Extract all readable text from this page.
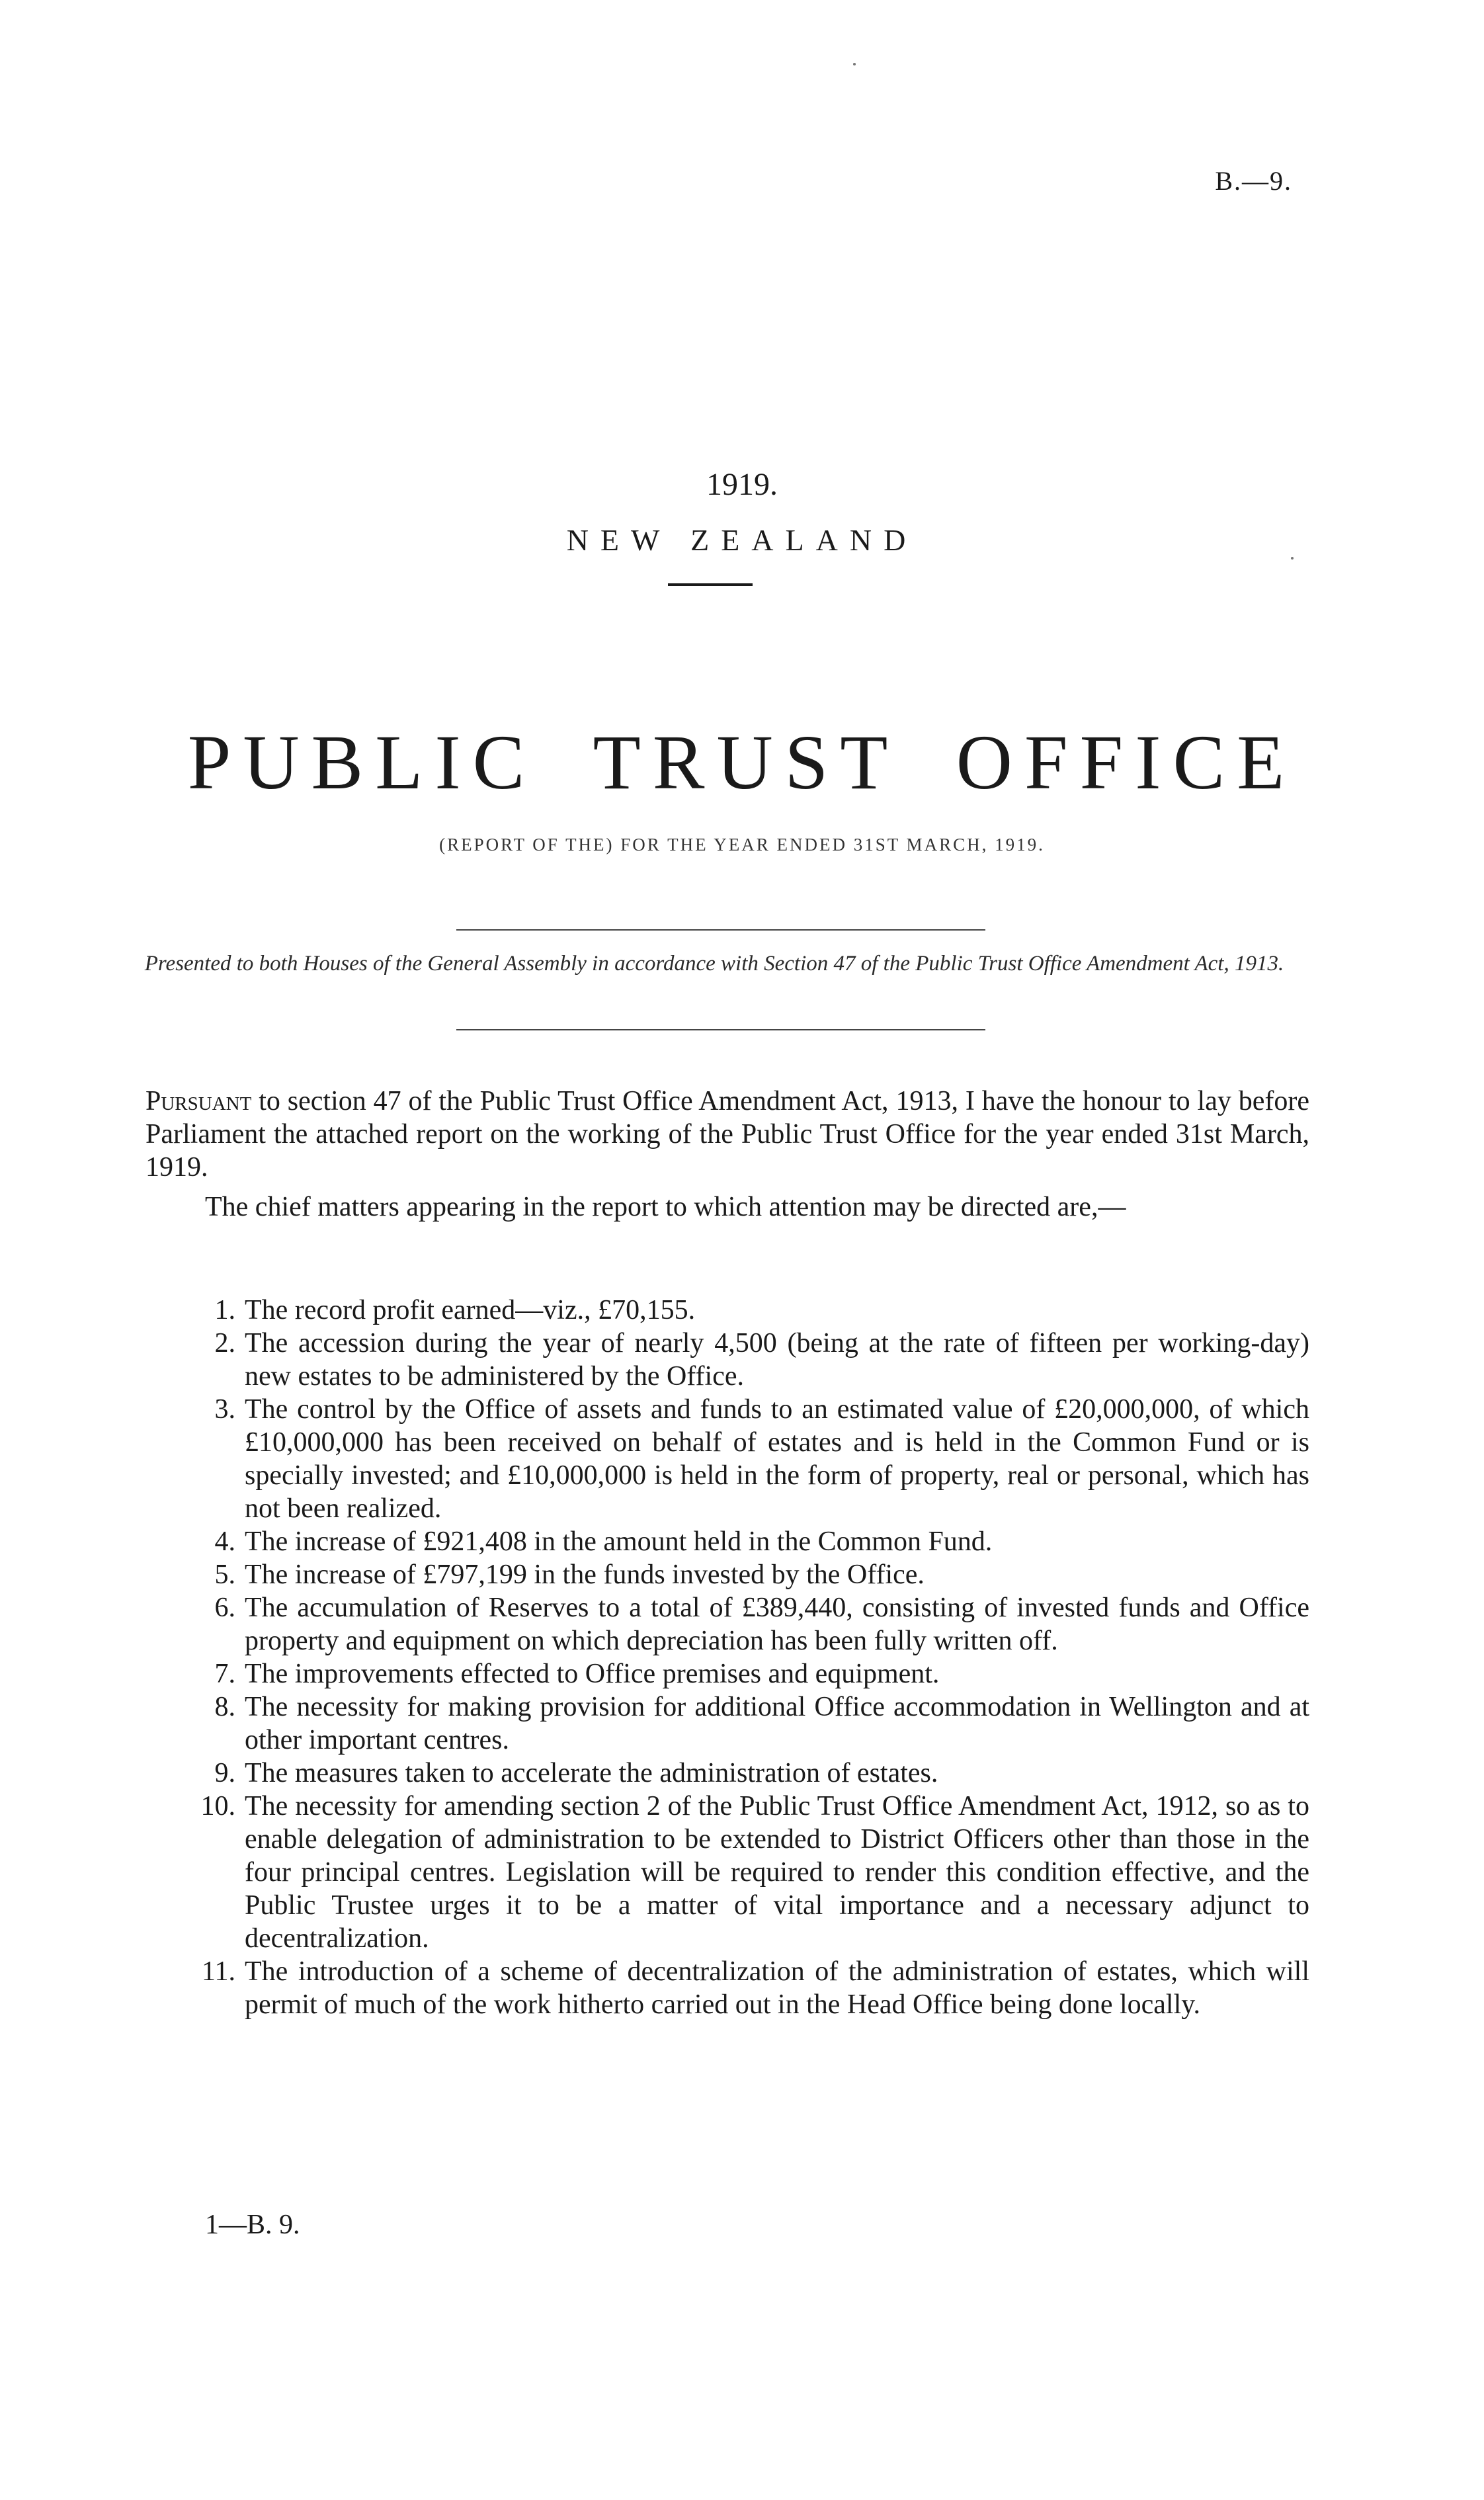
B.—9.
1919.
NEW ZEALAND
PUBLIC TRUST OFFICE
(REPORT OF THE) FOR THE YEAR ENDED 31ST MARCH, 1919.
Presented to both Houses of the General Assembly in accordance with Section 47 of the Public Trust Office Amendment Act, 1913.
Pursuant to section 47 of the Public Trust Office Amendment Act, 1913, I have the honour to lay before Parliament the attached report on the working of the Public Trust Office for the year ended 31st March, 1919.
The chief matters appearing in the report to which attention may be directed are,—
1. The record profit earned—viz., £70,155.
2. The accession during the year of nearly 4,500 (being at the rate of fifteen per working-day) new estates to be administered by the Office.
3. The control by the Office of assets and funds to an estimated value of £20,000,000, of which £10,000,000 has been received on behalf of estates and is held in the Common Fund or is specially invested; and £10,000,000 is held in the form of property, real or personal, which has not been realized.
4. The increase of £921,408 in the amount held in the Common Fund.
5. The increase of £797,199 in the funds invested by the Office.
6. The accumulation of Reserves to a total of £389,440, consisting of invested funds and Office property and equipment on which depreciation has been fully written off.
7. The improvements effected to Office premises and equipment.
8. The necessity for making provision for additional Office accommodation in Wellington and at other important centres.
9. The measures taken to accelerate the administration of estates.
10. The necessity for amending section 2 of the Public Trust Office Amendment Act, 1912, so as to enable delegation of administration to be extended to District Officers other than those in the four principal centres. Legislation will be required to render this condition effective, and the Public Trustee urges it to be a matter of vital importance and a necessary adjunct to decentralization.
11. The introduction of a scheme of decentralization of the administration of estates, which will permit of much of the work hitherto carried out in the Head Office being done locally.
1—B. 9.
